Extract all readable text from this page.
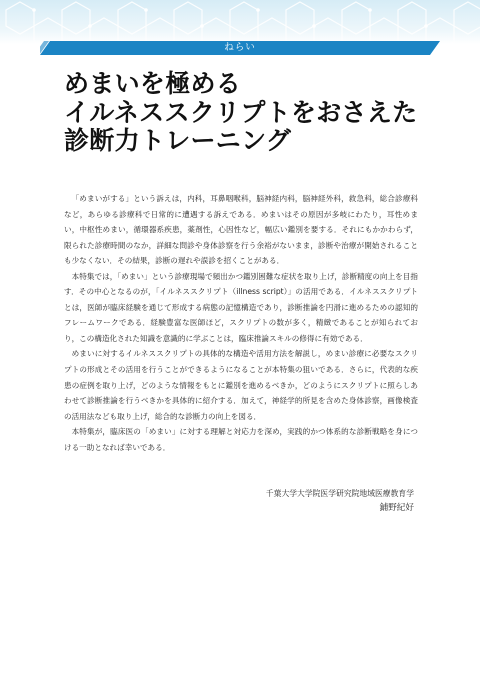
ねらい
めまいを極める
イルネススクリプトをおさえた
診断力トレーニング

「めまいがする」という訴えは，内科，耳鼻咽喉科，脳神経内科，脳神経外科，救急科，総合診療科など，あらゆる診療科で日常的に遭遇する訴えである．めまいはその原因が多岐にわたり，耳性めまい，中枢性めまい，循環器系疾患，薬剤性，心因性など，幅広い鑑別を要する．それにもかかわらず，限られた診療時間のなか，詳細な問診や身体診察を行う余裕がないまま，診断や治療が開始されることも少なくない．その結果，診断の遅れや誤診を招くことがある．

本特集では，「めまい」という診療現場で頻出かつ鑑別困難な症状を取り上げ，診断精度の向上を目指す．その中心となるのが，「イルネススクリプト（illness script）」の活用である．イルネススクリプトとは，医師が臨床経験を通じて形成する病態の記憶構造であり，診断推論を円滑に進めるための認知的フレームワークである．経験豊富な医師ほど，スクリプトの数が多く，精緻であることが知られており，この構造化された知識を意識的に学ぶことは，臨床推論スキルの修得に有効である．

めまいに対するイルネススクリプトの具体的な構造や活用方法を解説し，めまい診療に必要なスクリプトの形成とその活用を行うことができるようになることが本特集の狙いである．さらに，代表的な疾患の症例を取り上げ，どのような情報をもとに鑑別を進めるべきか，どのようにスクリプトに照らしあわせて診断推論を行うべきかを具体的に紹介する．加えて，神経学的所見を含めた身体診察，画像検査の活用法なども取り上げ，総合的な診断力の向上を図る．

本特集が，臨床医の「めまい」に対する理解と対応力を深め，実践的かつ体系的な診断戦略を身につける一助となれば幸いである．

千葉大学大学院医学研究院地域医療教育学
鋪野紀好
